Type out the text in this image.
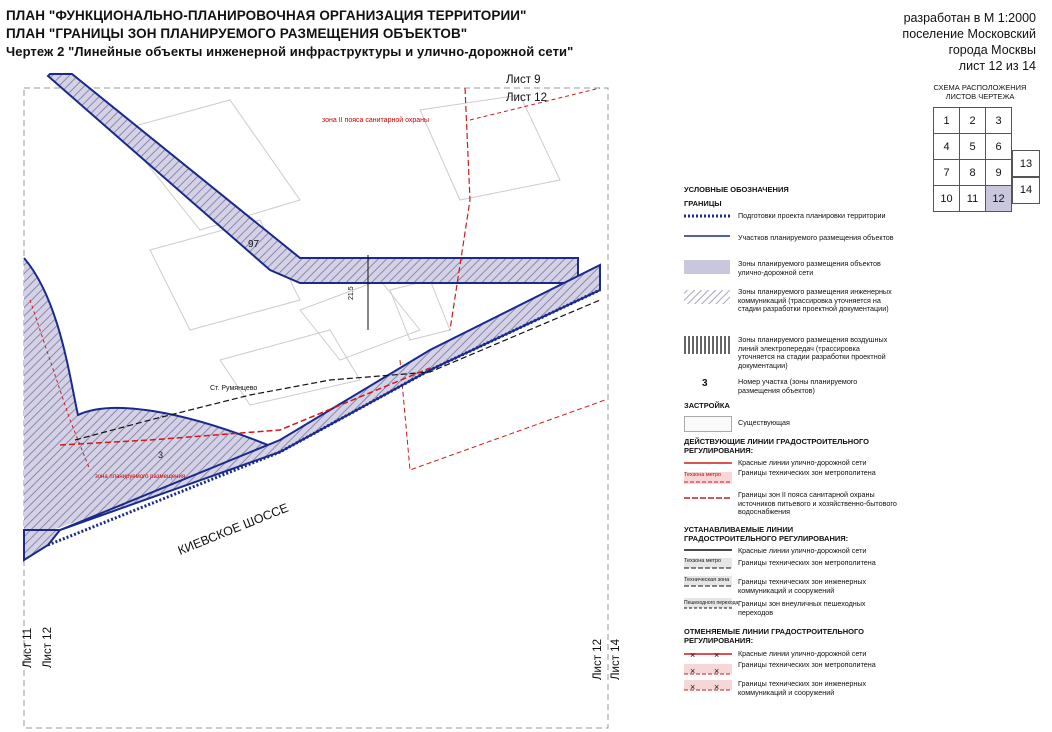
ПЛАН "ФУНКЦИОНАЛЬНО-ПЛАНИРОВОЧНАЯ ОРГАНИЗАЦИЯ ТЕРРИТОРИИ"
ПЛАН "ГРАНИЦЫ ЗОН ПЛАНИРУЕМОГО РАЗМЕЩЕНИЯ ОБЪЕКТОВ"
Чертеж 2 "Линейные объекты инженерной инфраструктуры и улично-дорожной сети"
разработан в М 1:2000
поселение Московский
города Москвы
лист 12 из 14
СХЕМА РАСПОЛОЖЕНИЯ ЛИСТОВ ЧЕРТЕЖА
1	2	3
4	5	6
7	8	9
10	11	12
13
14
97
21.5
зона II пояса санитарной охраны
Ст. Румянцево
3
зона планируемого размещения
КИЕВСКОЕ ШОССЕ
Лист 9
Лист 12
Лист 11 Лист 12	Лист 12 Лист 14
УСЛОВНЫЕ ОБОЗНАЧЕНИЯ
ГРАНИЦЫ
Подготовки проекта планировки территории
Участков планируемого размещения объектов
Зоны планируемого размещения объектов улично-дорожной сети
Зоны планируемого размещения инженерных коммуникаций (трассировка уточняется на стадии разработки проектной документации)
Зоны планируемого размещения воздушных линий электропередач (трассировка уточняется на стадии разработки проектной документации)
3	Номер участка (зоны планируемого размещения объектов)
ЗАСТРОЙКА
Существующая
ДЕЙСТВУЮЩИЕ ЛИНИИ ГРАДОСТРОИТЕЛЬНОГО РЕГУЛИРОВАНИЯ:
Техзона метро
Красные линии улично-дорожной сети
Границы технических зон метрополитена
Границы зон II пояса санитарной охраны источников питьевого и хозяйственно-бытового водоснабжения
УСТАНАВЛИВАЕМЫЕ ЛИНИИ ГРАДОСТРОИТЕЛЬНОГО РЕГУЛИРОВАНИЯ:
Техзона метро
Техническая зона
Пешеходного перехода
Красные линии улично-дорожной сети
Границы технических зон метрополитена
Границы технических зон инженерных коммуникаций и сооружений
Границы зон внеуличных пешеходных переходов
ОТМЕНЯЕМЫЕ ЛИНИИ ГРАДОСТРОИТЕЛЬНОГО РЕГУЛИРОВАНИЯ:
× ×
× ×
× ×
Красные линии улично-дорожной сети
Границы технических зон метрополитена
Границы технических зон инженерных коммуникаций и сооружений
